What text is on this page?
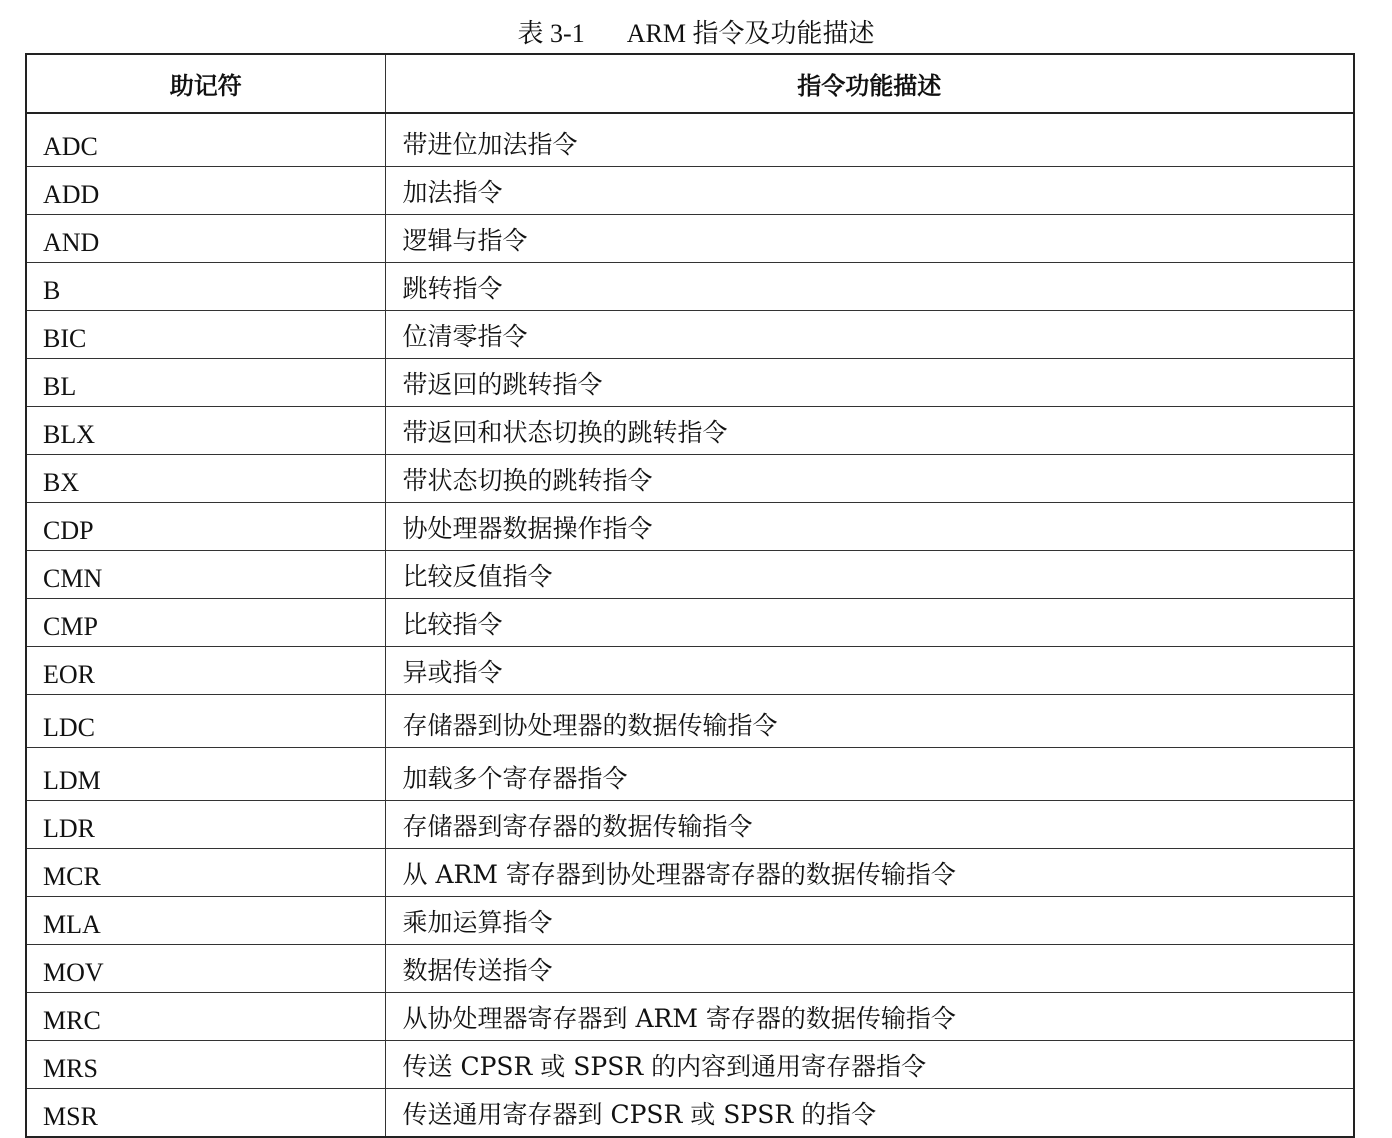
表 3-1 ARM 指令及功能描述
助记符	指令功能描述
ADC	带进位加法指令
ADD	加法指令
AND	逻辑与指令
B	跳转指令
BIC	位清零指令
BL	带返回的跳转指令
BLX	带返回和状态切换的跳转指令
BX	带状态切换的跳转指令
CDP	协处理器数据操作指令
CMN	比较反值指令
CMP	比较指令
EOR	异或指令
LDC	存储器到协处理器的数据传输指令
LDM	加载多个寄存器指令
LDR	存储器到寄存器的数据传输指令
MCR	从 ARM 寄存器到协处理器寄存器的数据传输指令
MLA	乘加运算指令
MOV	数据传送指令
MRC	从协处理器寄存器到 ARM 寄存器的数据传输指令
MRS	传送 CPSR 或 SPSR 的内容到通用寄存器指令
MSR	传送通用寄存器到 CPSR 或 SPSR 的指令
